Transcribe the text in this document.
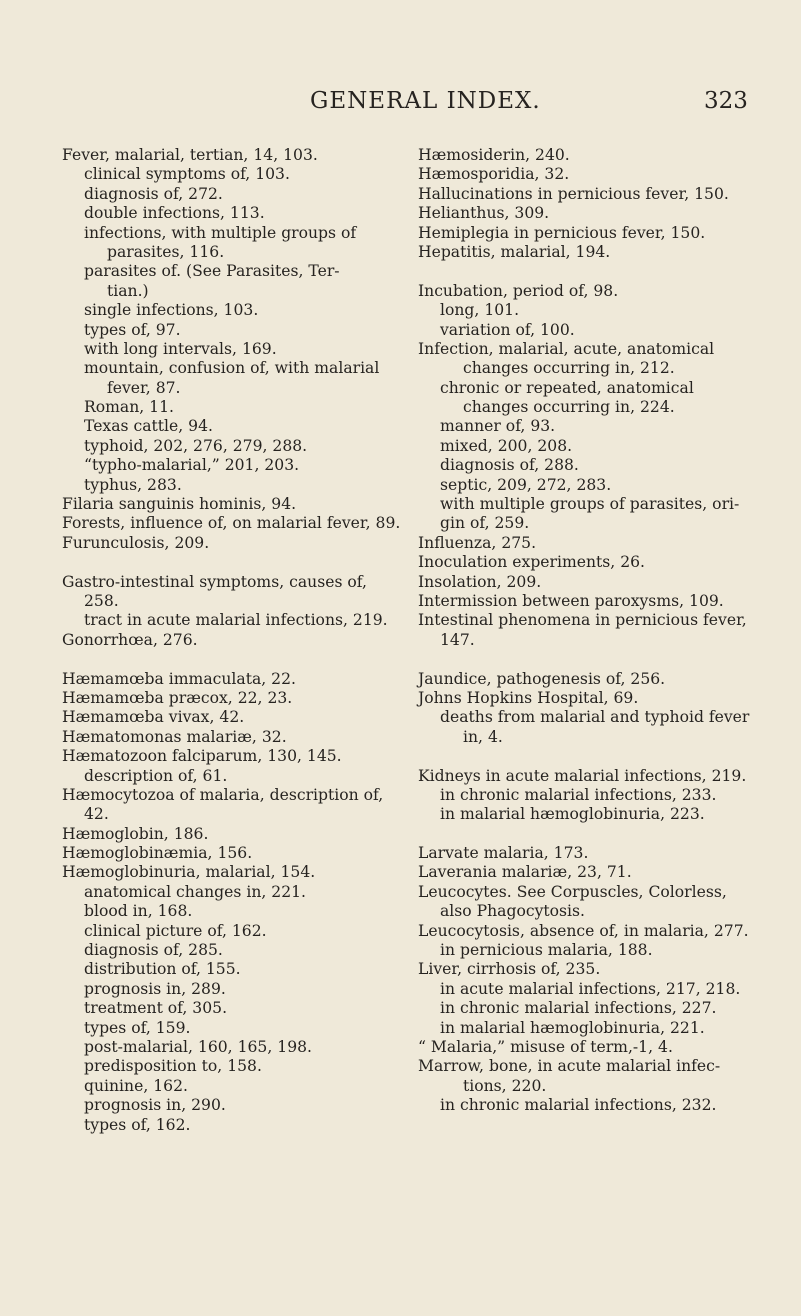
GENERAL INDEX.	323
Fever, malarial, tertian, 14, 103.
clinical symptoms of, 103.
diagnosis of, 272.
double infections, 113.
infections, with multiple groups of
parasites, 116.
parasites of. (See Parasites, Ter-
tian.)
single infections, 103.
types of, 97.
with long intervals, 169.
mountain, confusion of, with malarial
fever, 87.
Roman, 11.
Texas cattle, 94.
typhoid, 202, 276, 279, 288.
“typho-malarial,” 201, 203.
typhus, 283.
Filaria sanguinis hominis, 94.
Forests, influence of, on malarial fever, 89.
Furunculosis, 209.
Gastro-intestinal symptoms, causes of,
258.
tract in acute malarial infections, 219.
Gonorrhœa, 276.
Hæmamœba immaculata, 22.
Hæmamœba præcox, 22, 23.
Hæmamœba vivax, 42.
Hæmatomonas malariæ, 32.
Hæmatozoon falciparum, 130, 145.
description of, 61.
Hæmocytozoa of malaria, description of,
42.
Hæmoglobin, 186.
Hæmoglobinæmia, 156.
Hæmoglobinuria, malarial, 154.
anatomical changes in, 221.
blood in, 168.
clinical picture of, 162.
diagnosis of, 285.
distribution of, 155.
prognosis in, 289.
treatment of, 305.
types of, 159.
post-malarial, 160, 165, 198.
predisposition to, 158.
quinine, 162.
prognosis in, 290.
types of, 162.
Hæmosiderin, 240.
Hæmosporidia, 32.
Hallucinations in pernicious fever, 150.
Helianthus, 309.
Hemiplegia in pernicious fever, 150.
Hepatitis, malarial, 194.
Incubation, period of, 98.
long, 101.
variation of, 100.
Infection, malarial, acute, anatomical
changes occurring in, 212.
chronic or repeated, anatomical
changes occurring in, 224.
manner of, 93.
mixed, 200, 208.
diagnosis of, 288.
septic, 209, 272, 283.
with multiple groups of parasites, ori-
gin of, 259.
Influenza, 275.
Inoculation experiments, 26.
Insolation, 209.
Intermission between paroxysms, 109.
Intestinal phenomena in pernicious fever,
147.
Jaundice, pathogenesis of, 256.
Johns Hopkins Hospital, 69.
deaths from malarial and typhoid fever
in, 4.
Kidneys in acute malarial infections, 219.
in chronic malarial infections, 233.
in malarial hæmoglobinuria, 223.
Larvate malaria, 173.
Laverania malariæ, 23, 71.
Leucocytes. See Corpuscles, Colorless,
also Phagocytosis.
Leucocytosis, absence of, in malaria, 277.
in pernicious malaria, 188.
Liver, cirrhosis of, 235.
in acute malarial infections, 217, 218.
in chronic malarial infections, 227.
in malarial hæmoglobinuria, 221.
“ Malaria,” misuse of term,-1, 4.
Marrow, bone, in acute malarial infec-
tions, 220.
in chronic malarial infections, 232.
